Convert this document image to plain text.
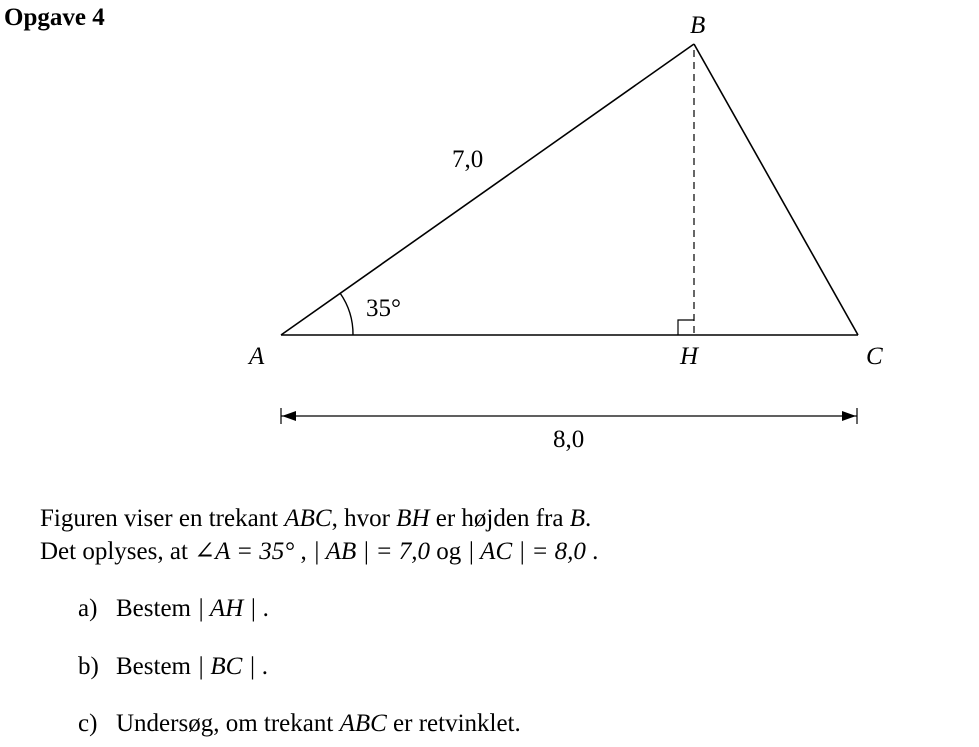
Opgave 4
A
B
C
H
7,0
8,0
35°
Figuren viser en trekant ABC, hvor BH er højden fra B.
Det oplyses, at ∠A = 35° , | AB | = 7,0 og | AC | = 8,0 .
a) Bestem | AH | .
b) Bestem | BC | .
c) Undersøg, om trekant ABC er retvinklet.
